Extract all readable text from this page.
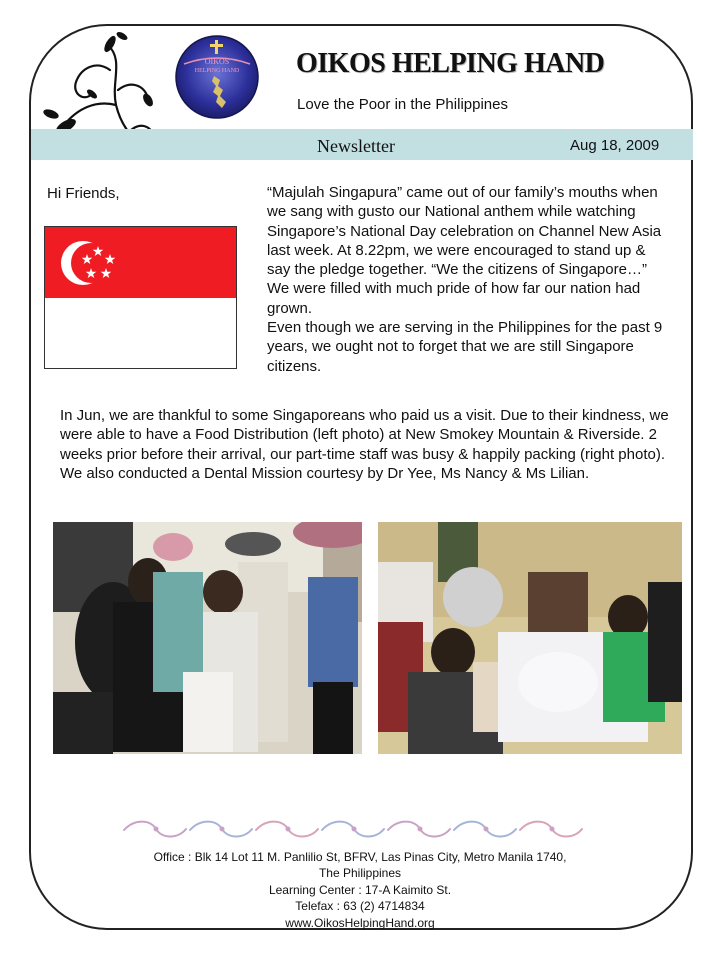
OIKOS
HELPING HAND OIKOS HELPING HAND
Love the Poor in the Philippines
Newsletter	Aug 18, 2009
Hi Friends,	“Majulah Singapura” came out of our family’s mouths when we sang with gusto our National anthem while watching Singapore’s National Day celebration on Channel New Asia last week. At 8.22pm, we were encouraged to stand up & say the pledge together. “We the citizens of Singapore…” We were filled with much pride of how far our nation had grown.

Even though we are serving in the Philippines for the past 9 years, we ought not to forget that we are still Singapore citizens.

In Jun, we are thankful to some Singaporeans who paid us a visit. Due to their kindness, we were able to have a Food Distribution (left photo) at New Smokey Mountain & Riverside. 2 weeks prior before their arrival, our part-time staff was busy & happily packing (right photo). We also conducted a Dental Mission courtesy by Dr Yee, Ms Nancy & Ms Lilian.
Office : Blk 14 Lot 11 M. Panlilio St, BFRV, Las Pinas City, Metro Manila 1740,
The Philippines
Learning Center : 17-A Kaimito St.
Telefax : 63 (2) 4714834
www.OikosHelpingHand.org
